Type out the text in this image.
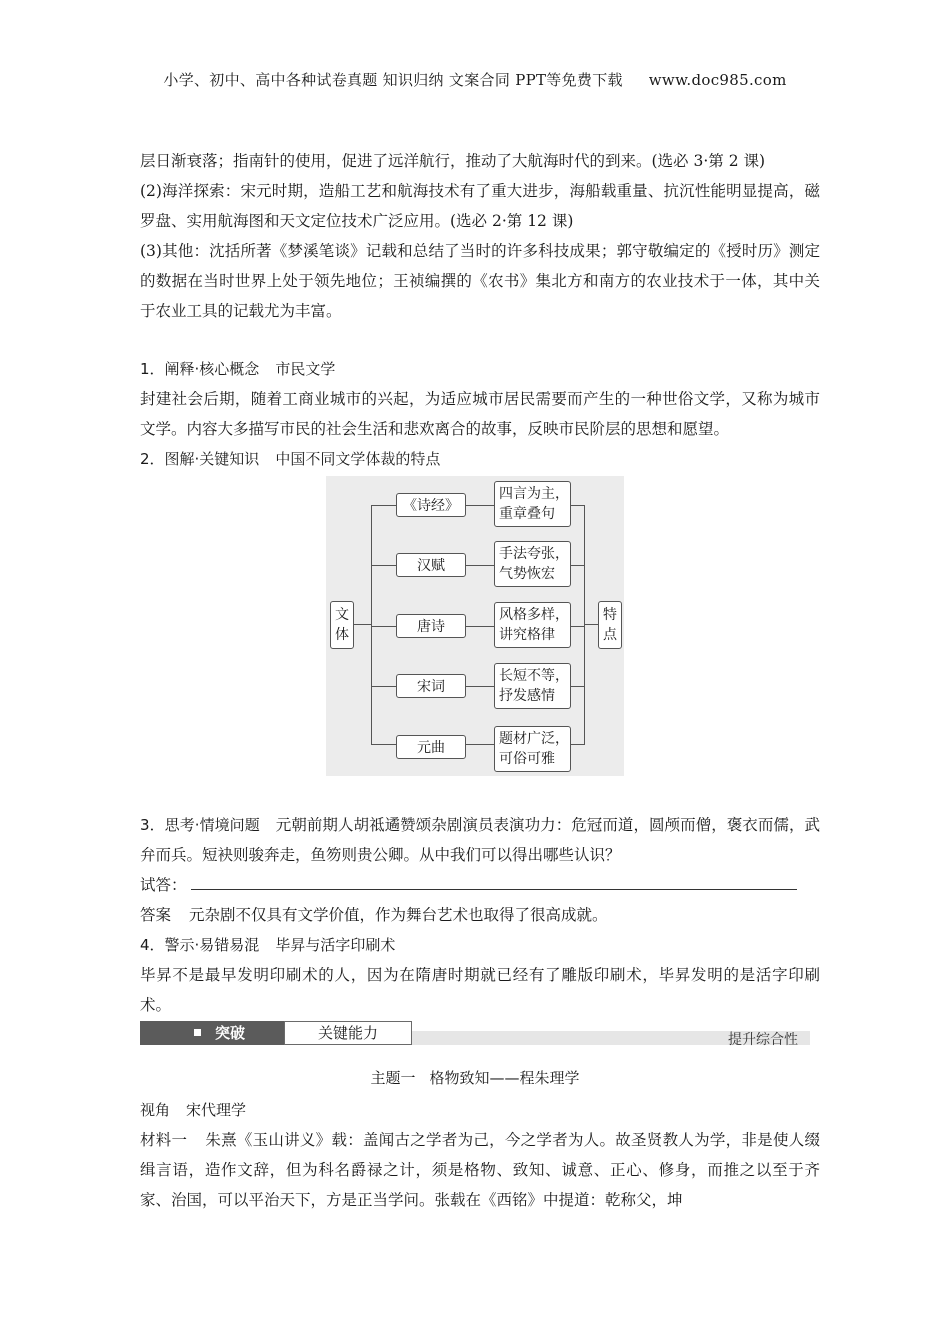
小学、初中、高中各种试卷真题 知识归纳 文案合同 PPT等免费下载 www.doc985.com

层日渐衰落；指南针的使用，促进了远洋航行，推动了大航海时代的到来。(选必 3·第 2 课)

(2)海洋探索：宋元时期，造船工艺和航海技术有了重大进步，海船载重量、抗沉性能明显提高，磁罗盘、实用航海图和天文定位技术广泛应用。(选必 2·第 12 课)

(3)其他：沈括所著《梦溪笔谈》记载和总结了当时的许多科技成果；郭守敬编定的《授时历》测定的数据在当时世界上处于领先地位；王祯编撰的《农书》集北方和南方的农业技术于一体，其中关于农业工具的记载尤为丰富。

1．阐释·核心概念 市民文学

封建社会后期，随着工商业城市的兴起，为适应城市居民需要而产生的一种世俗文学，又称为城市文学。内容大多描写市民的社会生活和悲欢离合的故事，反映市民阶层的思想和愿望。

2．图解·关键知识 中国不同文学体裁的特点

文
体
特
点
《诗经》
四言为主，
重章叠句
汉赋
手法夸张，
气势恢宏
唐诗
风格多样，
讲究格律
宋词
长短不等，
抒发感情
元曲
题材广泛，
可俗可雅

3．思考·情境问题 元朝前期人胡祗遹赞颂杂剧演员表演功力：危冠而道，圆颅而僧，褒衣而儒，武弁而兵。短袂则骏奔走，鱼笏则贵公卿。从中我们可以得出哪些认识？

试答：

答案 元杂剧不仅具有文学价值，作为舞台艺术也取得了很高成就。

4．警示·易错易混 毕昇与活字印刷术

毕昇不是最早发明印刷术的人，因为在隋唐时期就已经有了雕版印刷术，毕昇发明的是活字印刷术。

突破	关键能力	提升综合性
主题一 格物致知——程朱理学

视角 宋代理学

材料一 朱熹《玉山讲义》载：盖闻古之学者为己，今之学者为人。故圣贤教人为学，非是使人缀缉言语，造作文辞，但为科名爵禄之计，须是格物、致知、诚意、正心、修身，而推之以至于齐家、治国，可以平治天下，方是正当学问。张载在《西铭》中提道：乾称父，坤
